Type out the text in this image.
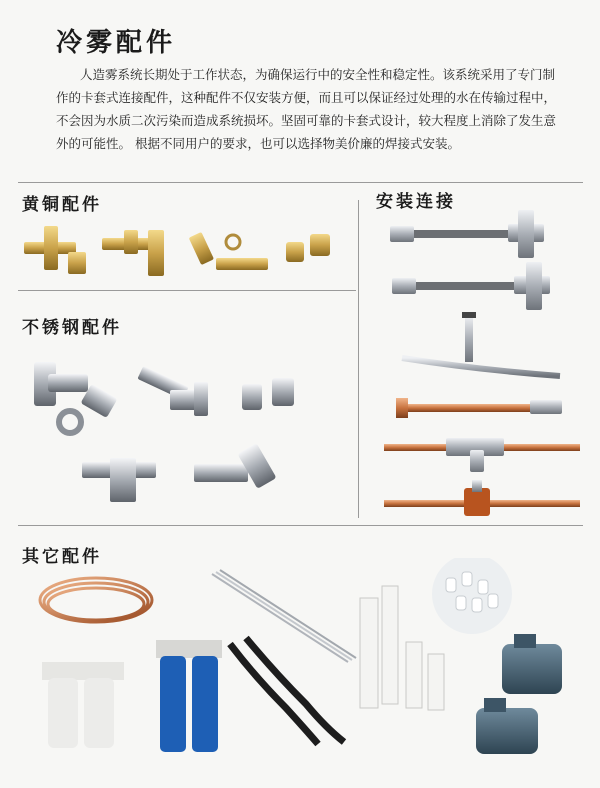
冷雾配件
人造雾系统长期处于工作状态，为确保运行中的安全性和稳定性。该系统采用了专门制作的卡套式连接配件，这种配件不仅安装方便，而且可以保证经过处理的水在传输过程中，不会因为水质二次污染而造成系统损坏。坚固可靠的卡套式设计，较大程度上消除了发生意外的可能性。 根据不同用户的要求，也可以选择物美价廉的焊接式安装。
黄铜配件	安装连接
不锈钢配件
其它配件
